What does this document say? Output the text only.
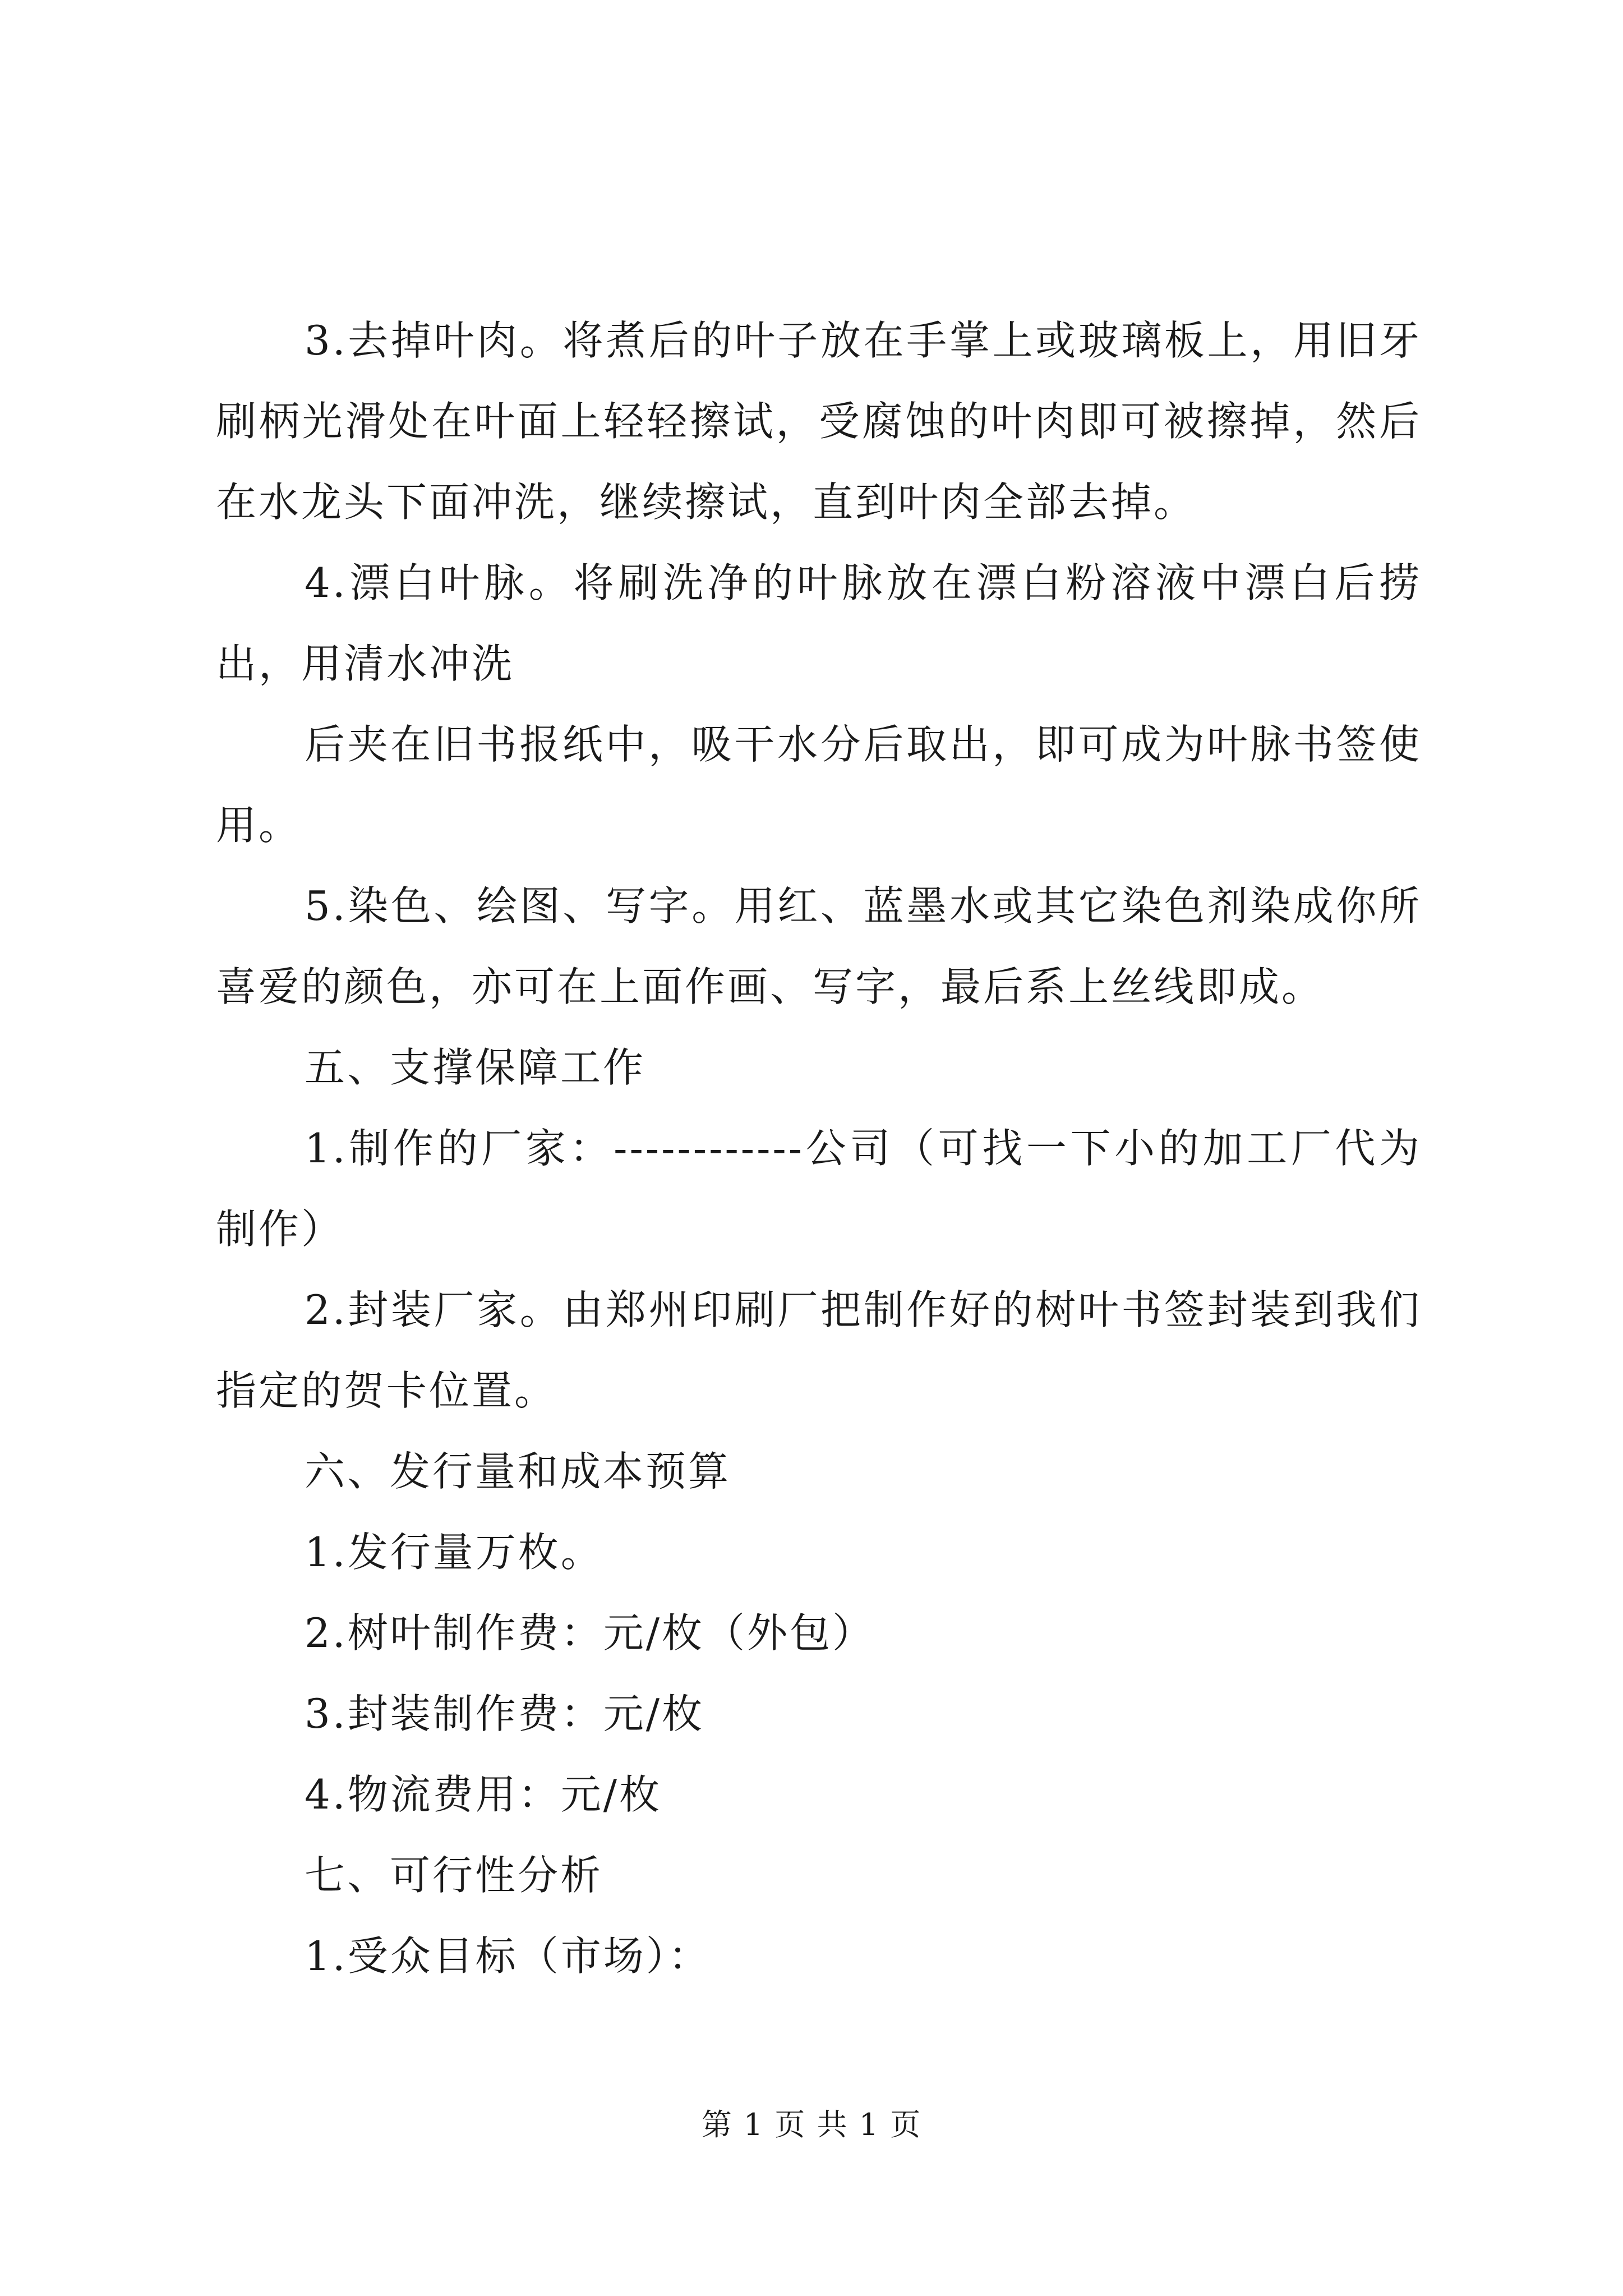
3.去掉叶肉。将煮后的叶子放在手掌上或玻璃板上，用旧牙刷柄光滑处在叶面上轻轻擦试，受腐蚀的叶肉即可被擦掉，然后在水龙头下面冲洗，继续擦试，直到叶肉全部去掉。

4.漂白叶脉。将刷洗净的叶脉放在漂白粉溶液中漂白后捞出，用清水冲洗

后夹在旧书报纸中，吸干水分后取出，即可成为叶脉书签使用。

5.染色、绘图、写字。用红、蓝墨水或其它染色剂染成你所喜爱的颜色，亦可在上面作画、写字，最后系上丝线即成。

五、支撑保障工作

1.制作的厂家：------------公司（可找一下小的加工厂代为制作）

2.封装厂家。由郑州印刷厂把制作好的树叶书签封装到我们指定的贺卡位置。

六、发行量和成本预算

1.发行量万枚。

2.树叶制作费：元/枚（外包）

3.封装制作费：元/枚

4.物流费用：元/枚

七、可行性分析

1.受众目标（市场）：

第 1 页 共 1 页
